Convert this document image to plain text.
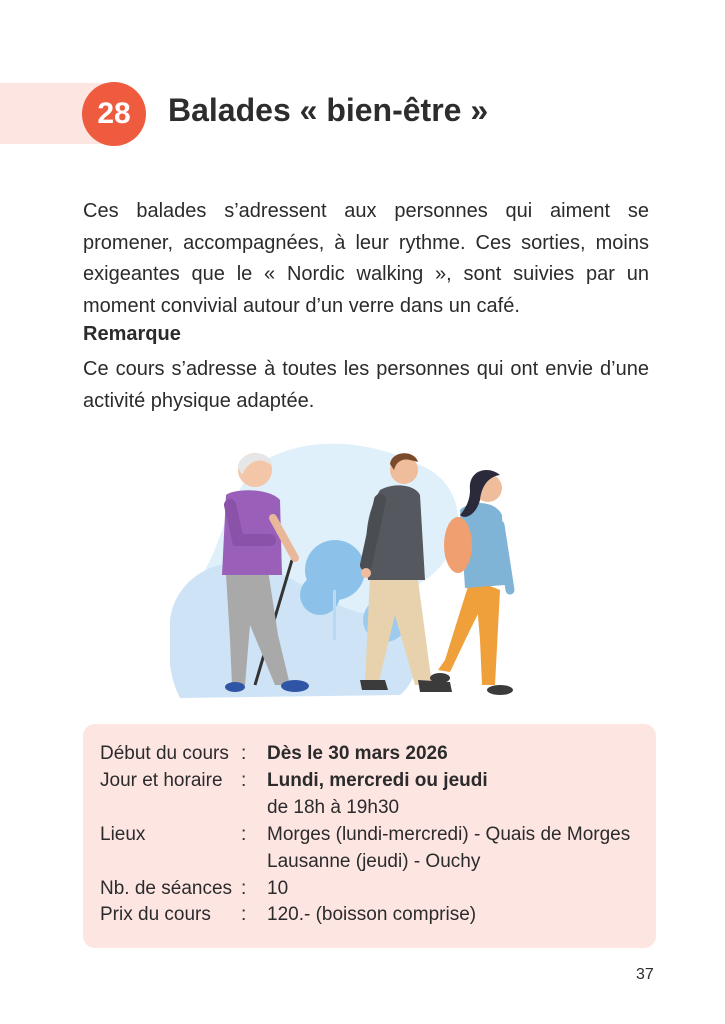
28 Balades « bien-être »

Ces balades s’adressent aux personnes qui aiment se promener, accompagnées, à leur rythme. Ces sorties, moins exigeantes que le « Nordic walking », sont suivies par un moment convivial autour d’un verre dans un café.

Remarque

Ce cours s’adresse à toutes les personnes qui ont envie d’une activité physique adaptée.

Début du cours : Dès le 30 mars 2026
Jour et horaire : Lundi, mercredi ou jeudi
de 18h à 19h30
Lieux	: Morges (lundi-mercredi) - Quais de Morges
Lausanne (jeudi) - Ouchy
Nb. de séances : 10
Prix du cours : 120.- (boisson comprise)
37
